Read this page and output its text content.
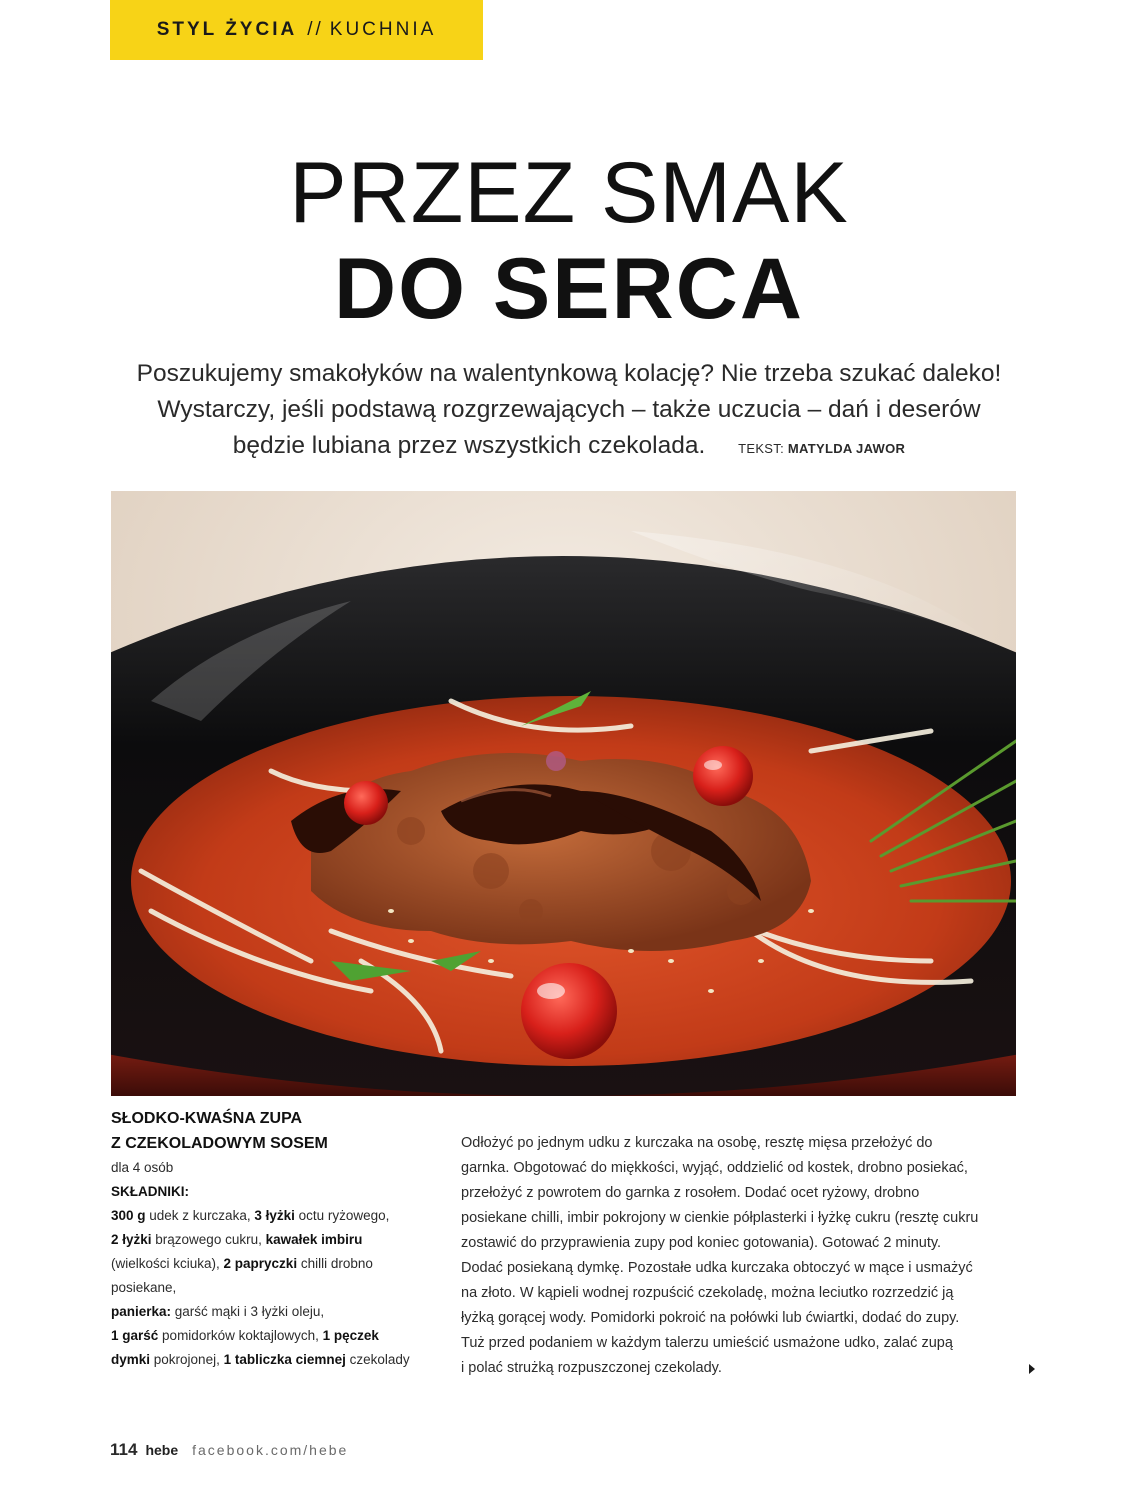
STYL ŻYCIA // KUCHNIA
PRZEZ SMAK
DO SERCA
Poszukujemy smakołyków na walentynkową kolację? Nie trzeba szukać daleko!
Wystarczy, jeśli podstawą rozgrzewających – także uczucia – dań i deserów
będzie lubiana przez wszystkich czekolada.	TEKST: MATYLDA JAWOR
SŁODKO-KWAŚNA ZUPA
Z CZEKOLADOWYM SOSEM
dla 4 osób
SKŁADNIKI:
300 g udek z kurczaka, 3 łyżki octu ryżowego,
2 łyżki brązowego cukru, kawałek imbiru
(wielkości kciuka), 2 papryczki chilli drobno
posiekane,
panierka: garść mąki i 3 łyżki oleju,
1 garść pomidorków koktajlowych, 1 pęczek
dymki pokrojonej, 1 tabliczka ciemnej czekolady
Odłożyć po jednym udku z kurczaka na osobę, resztę mięsa przełożyć do
garnka. Obgotować do miękkości, wyjąć, oddzielić od kostek, drobno posiekać,
przełożyć z powrotem do garnka z rosołem. Dodać ocet ryżowy, drobno
posiekane chilli, imbir pokrojony w cienkie półplasterki i łyżkę cukru (resztę cukru
zostawić do przyprawienia zupy pod koniec gotowania). Gotować 2 minuty.
Dodać posiekaną dymkę. Pozostałe udka kurczaka obtoczyć w mące i usmażyć
na złoto. W kąpieli wodnej rozpuścić czekoladę, można leciutko rozrzedzić ją
łyżką gorącej wody. Pomidorki pokroić na połówki lub ćwiartki, dodać do zupy.
Tuż przed podaniem w każdym talerzu umieścić usmażone udko, zalać zupą
i polać strużką rozpuszczonej czekolady.
114 hebe facebook.com/hebe
